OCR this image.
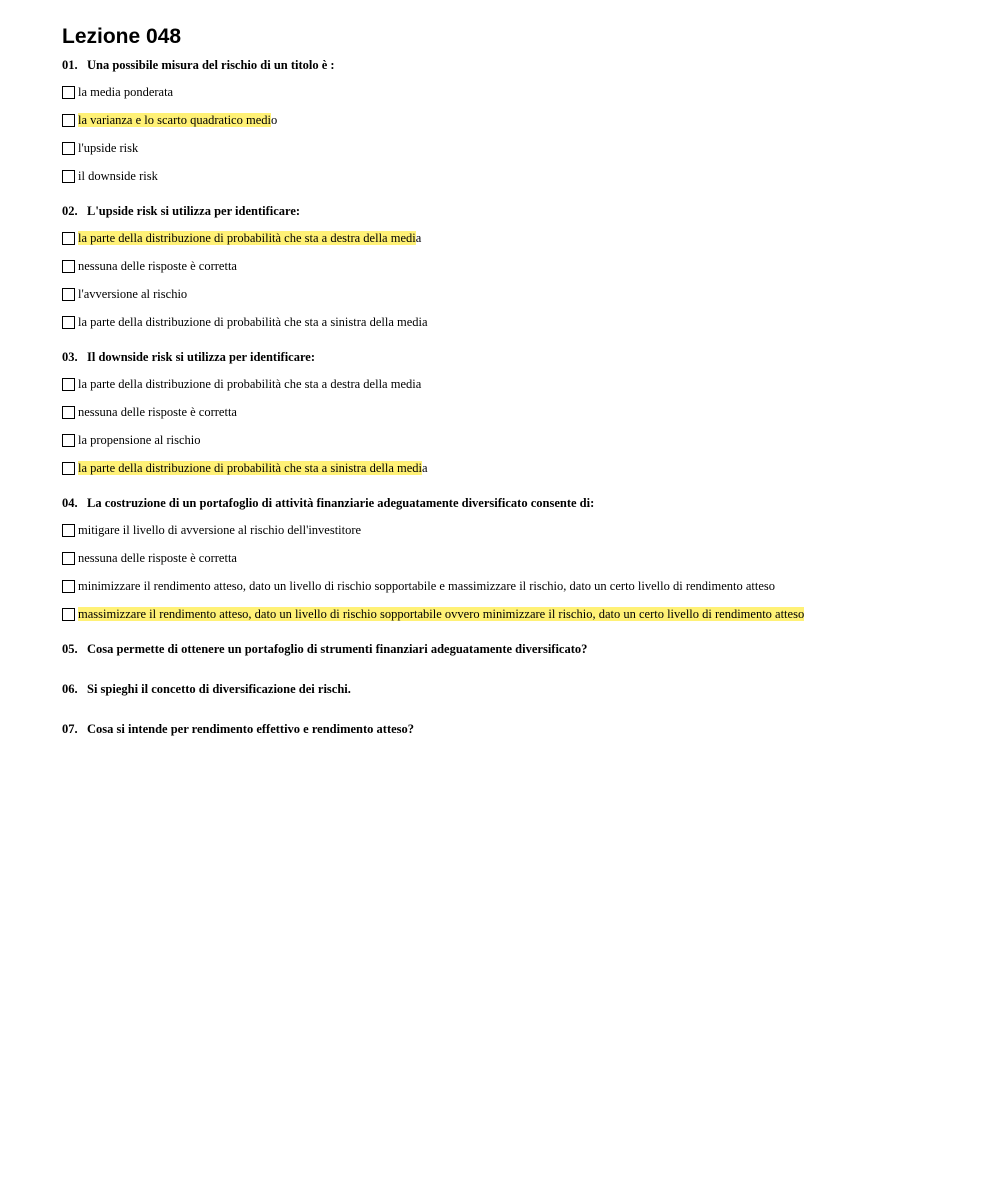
Lezione 048
01. Una possibile misura del rischio di un titolo è :
la media ponderata
la varianza e lo scarto quadratico medio
l'upside risk
il downside risk
02. L'upside risk si utilizza per identificare:
la parte della distribuzione di probabilità che sta a destra della media
nessuna delle risposte è corretta
l'avversione al rischio
la parte della distribuzione di probabilità che sta a sinistra della media
03. Il downside risk si utilizza per identificare:
la parte della distribuzione di probabilità che sta a destra della media
nessuna delle risposte è corretta
la propensione al rischio
la parte della distribuzione di probabilità che sta a sinistra della media
04. La costruzione di un portafoglio di attività finanziarie adeguatamente diversificato consente di:
mitigare il livello di avversione al rischio dell'investitore
nessuna delle risposte è corretta
minimizzare il rendimento atteso, dato un livello di rischio sopportabile e massimizzare il rischio, dato un certo livello di rendimento atteso
massimizzare il rendimento atteso, dato un livello di rischio sopportabile ovvero minimizzare il rischio, dato un certo livello di rendimento atteso
05. Cosa permette di ottenere un portafoglio di strumenti finanziari adeguatamente diversificato?
06. Si spieghi il concetto di diversificazione dei rischi.
07. Cosa si intende per rendimento effettivo e rendimento atteso?
